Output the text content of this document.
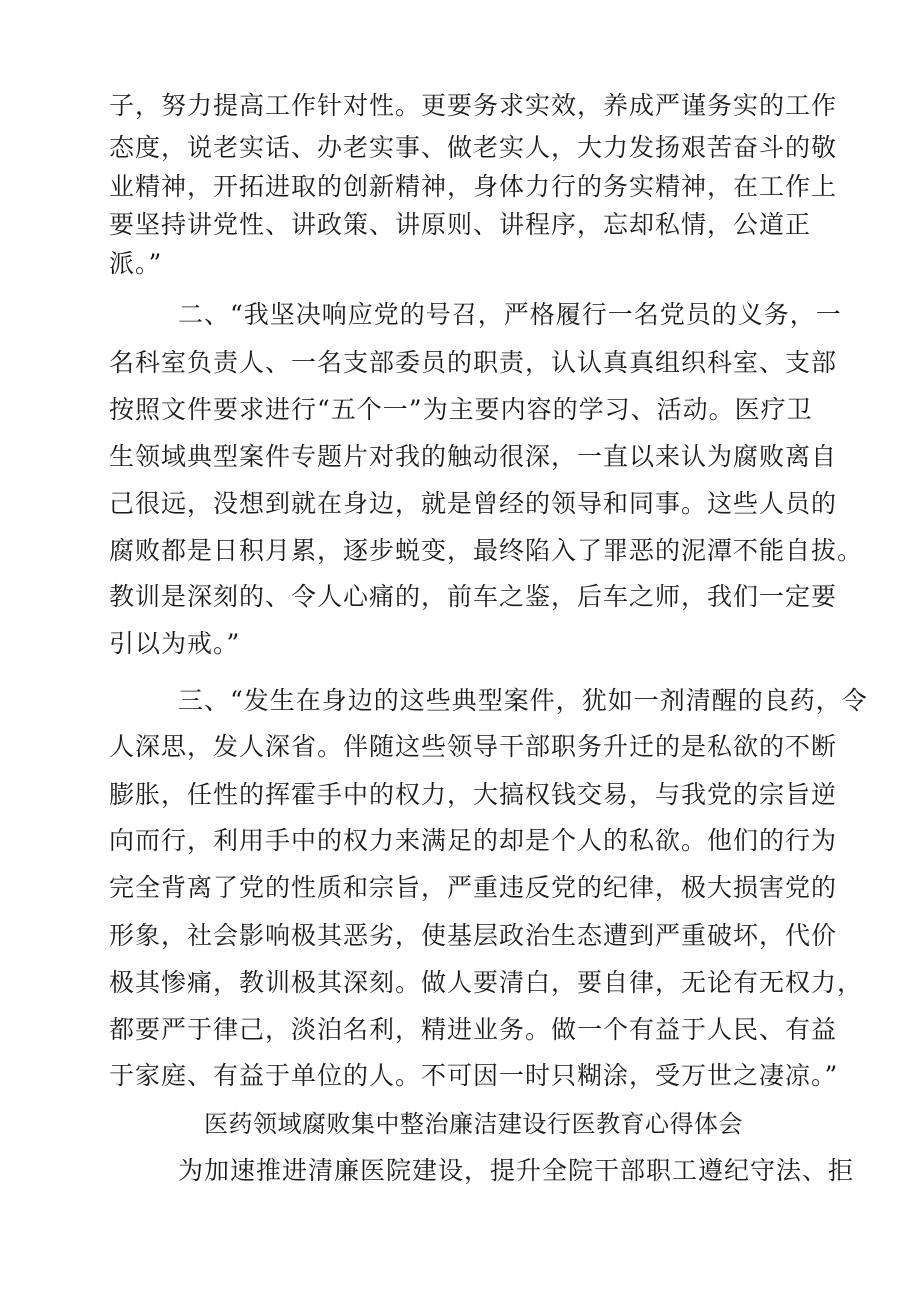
子，努力提高工作针对性。更要务求实效，养成严谨务实的工作
态度，说老实话、办老实事、做老实人，大力发扬艰苦奋斗的敬
业精神，开拓进取的创新精神，身体力行的务实精神，在工作上
要坚持讲党性、讲政策、讲原则、讲程序，忘却私情，公道正
派。”
二、“我坚决响应党的号召，严格履行一名党员的义务，一
名科室负责人、一名支部委员的职责，认认真真组织科室、支部
按照文件要求进行“五个一”为主要内容的学习、活动。医疗卫
生领域典型案件专题片对我的触动很深，一直以来认为腐败离自
己很远，没想到就在身边，就是曾经的领导和同事。这些人员的
腐败都是日积月累，逐步蜕变，最终陷入了罪恶的泥潭不能自拔。
教训是深刻的、令人心痛的，前车之鉴，后车之师，我们一定要
引以为戒。”
三、“发生在身边的这些典型案件，犹如一剂清醒的良药，令
人深思，发人深省。伴随这些领导干部职务升迁的是私欲的不断
膨胀，任性的挥霍手中的权力，大搞权钱交易，与我党的宗旨逆
向而行，利用手中的权力来满足的却是个人的私欲。他们的行为
完全背离了党的性质和宗旨，严重违反党的纪律，极大损害党的
形象，社会影响极其恶劣，使基层政治生态遭到严重破坏，代价
极其惨痛，教训极其深刻。做人要清白，要自律，无论有无权力，
都要严于律己，淡泊名利，精进业务。做一个有益于人民、有益
于家庭、有益于单位的人。不可因一时只糊涂，受万世之凄凉。”
医药领域腐败集中整治廉洁建设行医教育心得体会
为加速推进清廉医院建设，提升全院干部职工遵纪守法、拒
